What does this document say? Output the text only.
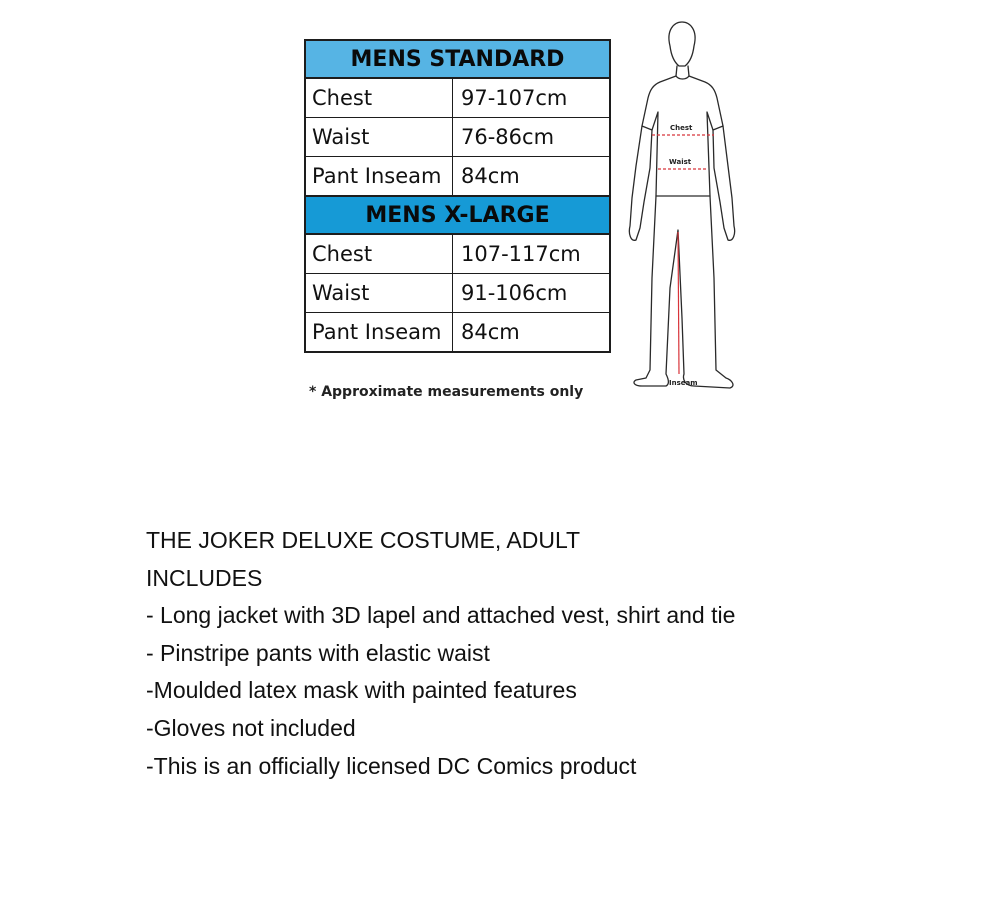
MENS STANDARD
Chest	97-107cm
Waist	76-86cm
Pant Inseam 84cm
MENS X-LARGE
Chest	107-117cm
Waist	91-106cm
Pant Inseam 84cm
* Approximate measurements only
Chest
Waist
Inseam
THE JOKER DELUXE COSTUME, ADULT
INCLUDES
- Long jacket with 3D lapel and attached vest, shirt and tie
- Pinstripe pants with elastic waist
-Moulded latex mask with painted features
-Gloves not included
-This is an officially licensed DC Comics product
